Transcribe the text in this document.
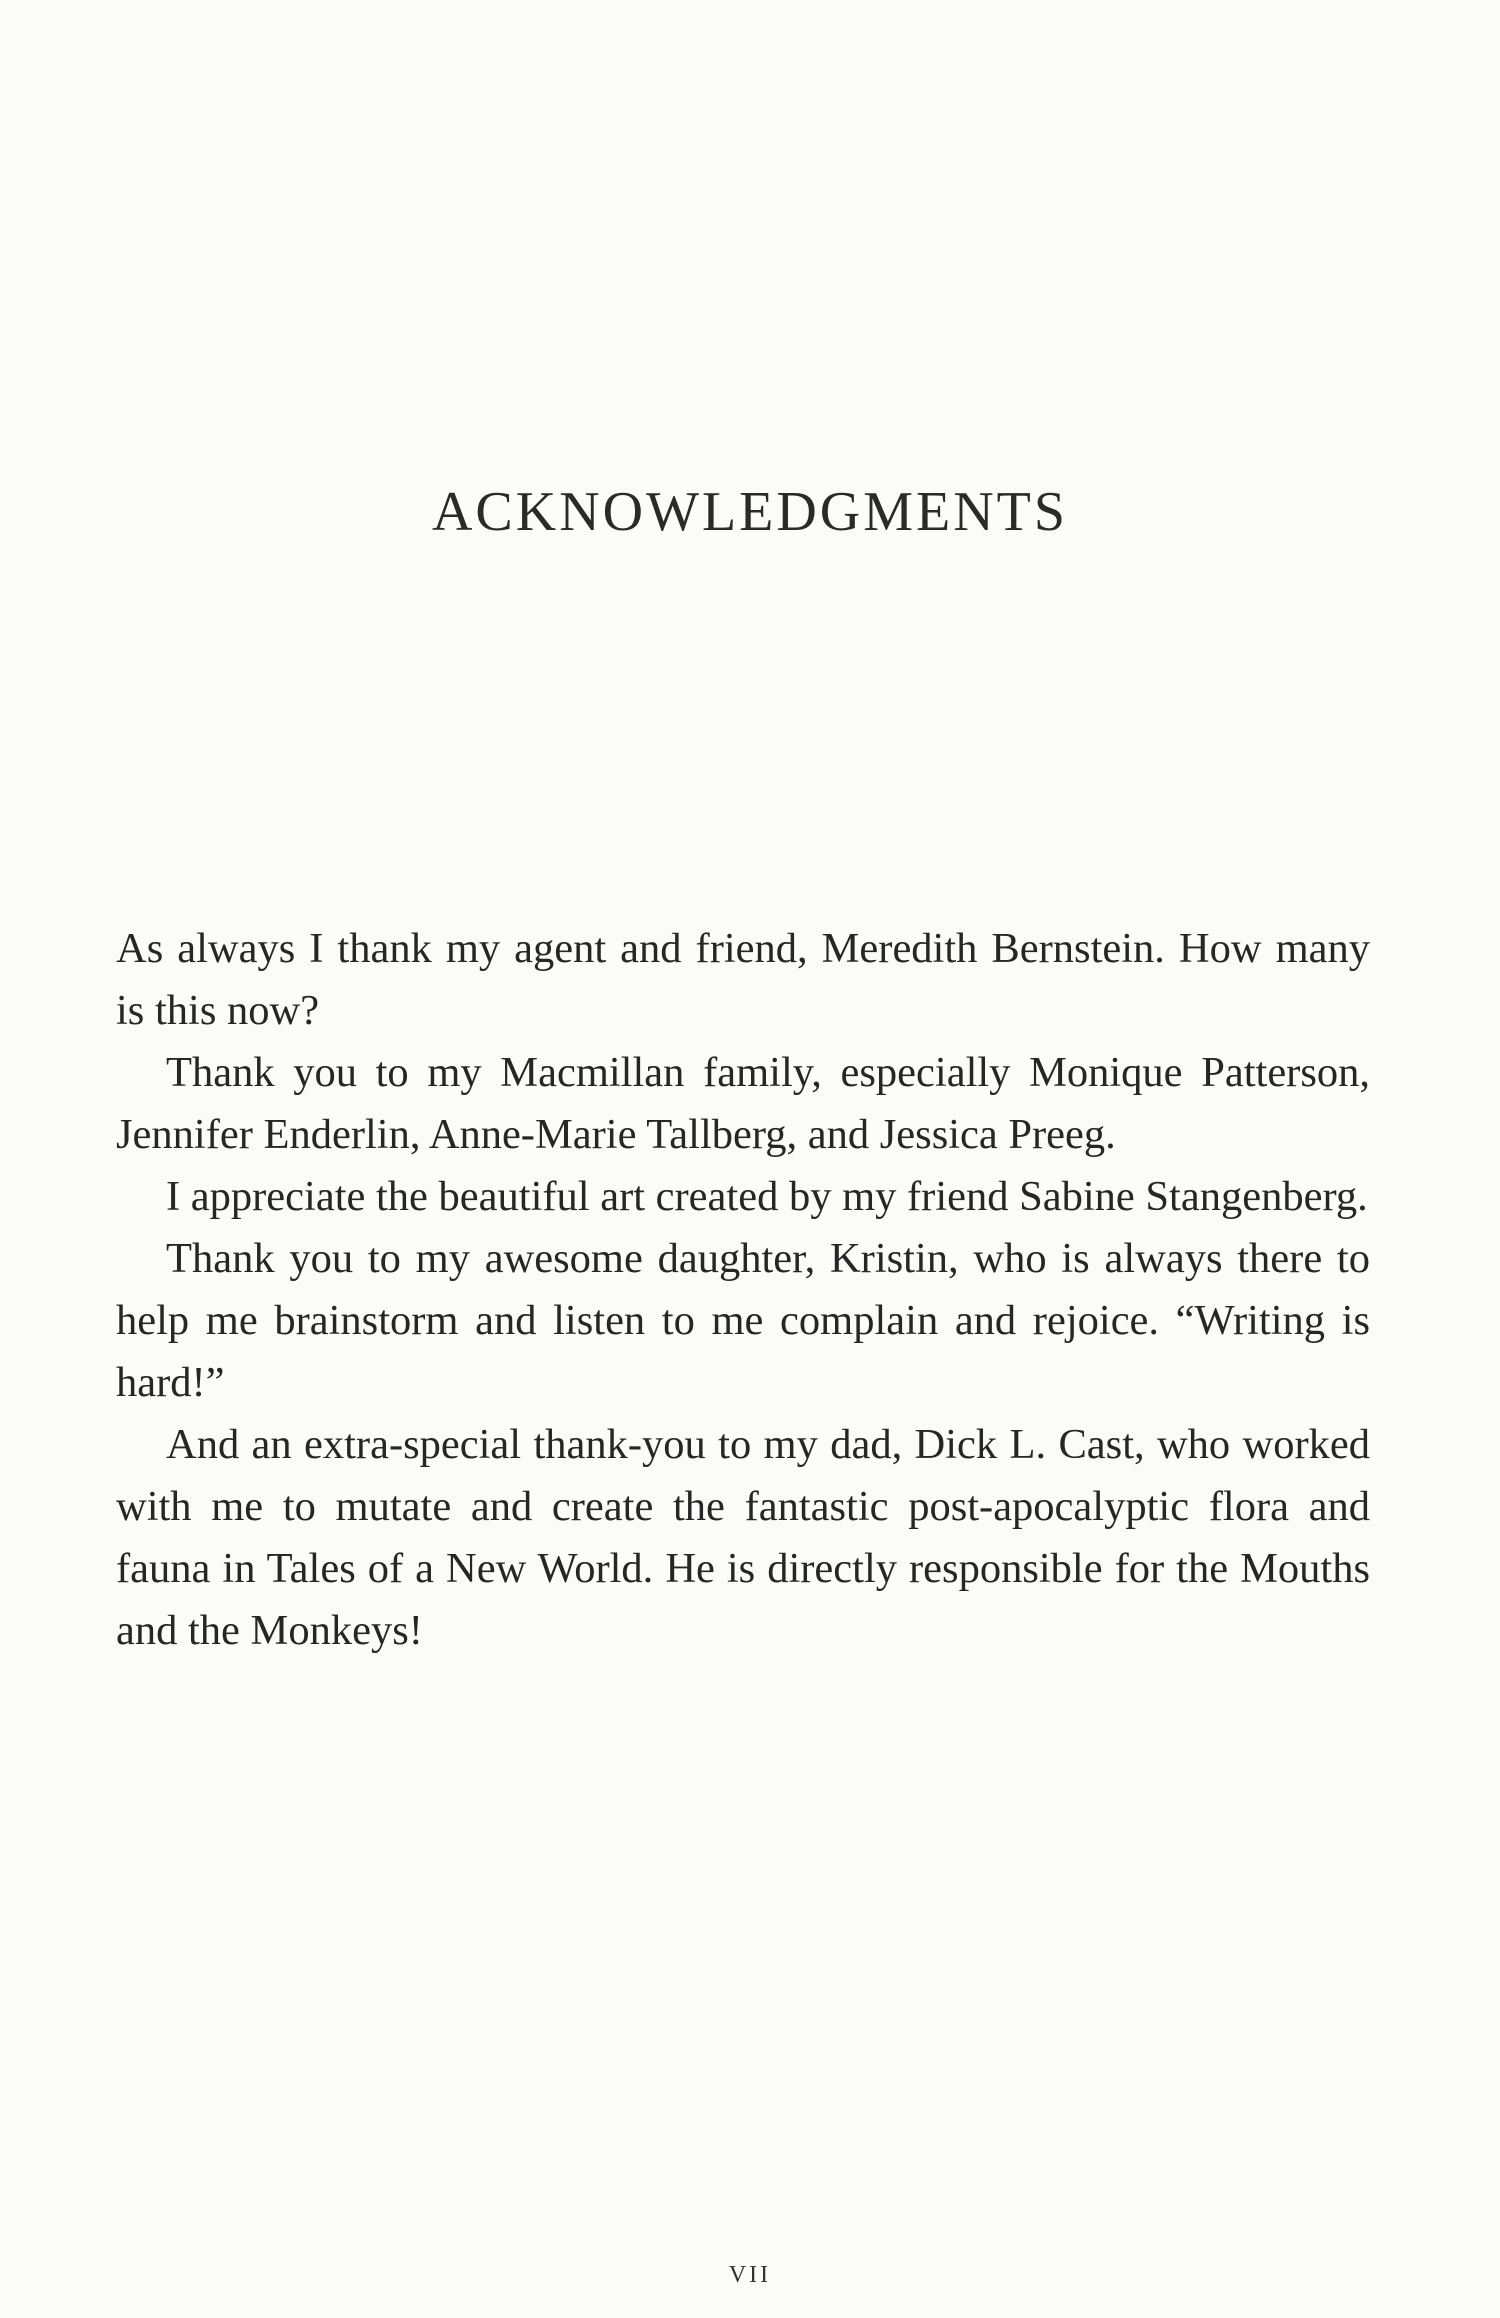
ACKNOWLEDGMENTS

As always I thank my agent and friend, Meredith Bernstein. How many is this now?

Thank you to my Macmillan family, especially Monique Patterson, Jennifer Enderlin, Anne-Marie Tallberg, and Jessica Preeg.

I appreciate the beautiful art created by my friend Sabine Stangenberg.

Thank you to my awesome daughter, Kristin, who is always there to help me brainstorm and listen to me complain and rejoice. “Writing is hard!”

And an extra-special thank-you to my dad, Dick L. Cast, who worked with me to mutate and create the fantastic post-apocalyptic flora and fauna in Tales of a New World. He is directly responsible for the Mouths and the Monkeys!

VII
